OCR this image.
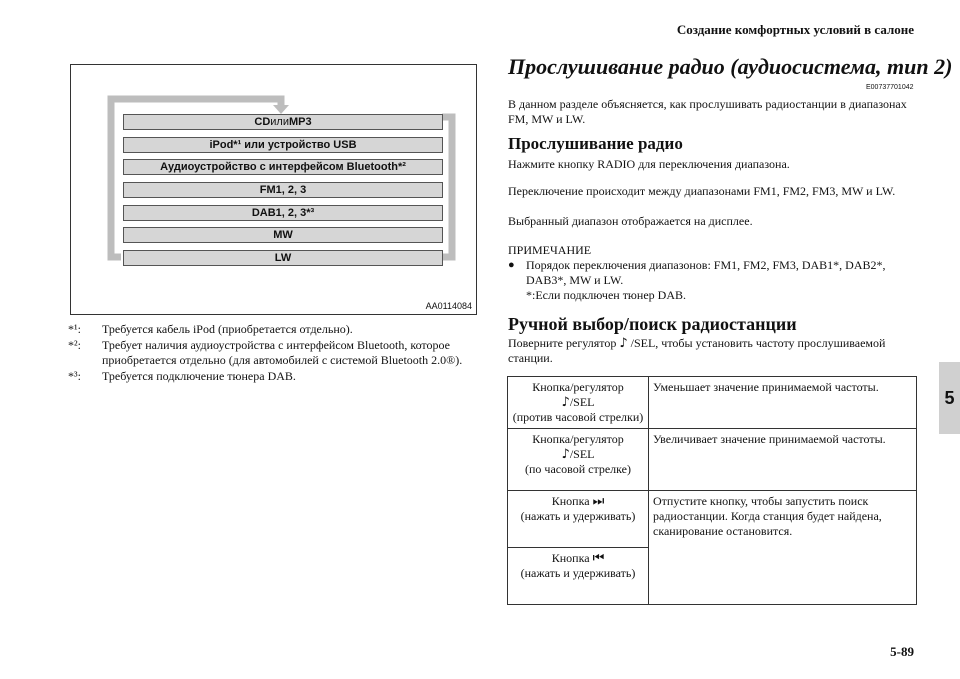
Создание комфортных условий в салоне
5
5-89
CD или MP3
iPod*¹ или устройство USB
Аудиоустройство с интерфейсом Bluetooth*²
FM1, 2, 3
DAB1, 2, 3*³
MW
LW
AA0114084
*¹:	Требуется кабель iPod (приобретается отдельно).
*²:	Требует наличия аудиоустройства с интерфейсом Bluetooth, которое приобретается отдельно (для автомобилей с системой Bluetooth 2.0®).
*³:	Требуется подключение тюнера DAB.
Прослушивание радио (аудиосистема, тип 2)
E00737701042
В данном разделе объясняется, как прослушивать радиостанции в диапазонах FM, MW и LW.
Прослушивание радио
Нажмите кнопку RADIO для переключения диапазона.
Переключение происходит между диапазонами FM1, FM2, FM3, MW и LW.
Выбранный диапазон отображается на дисплее.
ПРИМЕЧАНИЕ
● Порядок переключения диапазонов: FM1, FM2, FM3, DAB1*, DAB2*, DAB3*, MW и LW.
*:Если подключен тюнер DAB.
Ручной выбор/поиск радиостанции
Поверните регулятор ♪ /SEL, чтобы установить частоту прослушиваемой станции.
Кнопка/регулятор
♪/SEL
(против часовой стрелки)	Уменьшает значение принимаемой частоты.

Кнопка/регулятор
♪/SEL
(по часовой стрелке)	Увеличивает значение принимаемой частоты.

Кнопка ⏭
(нажать и удерживать)	Отпустите кнопку, чтобы запустить поиск радиостанции. Когда станция будет найдена, сканирование остановится.

Кнопка ⏮
(нажать и удерживать)	
